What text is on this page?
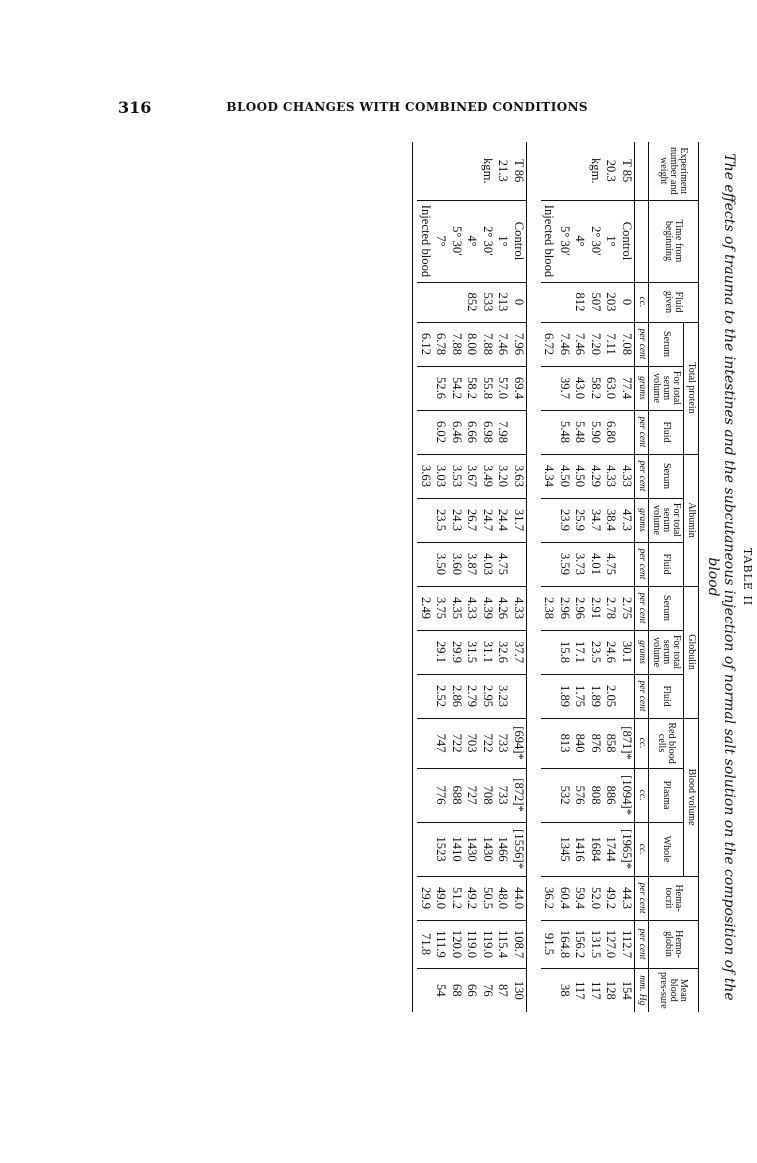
316	BLOOD CHANGES WITH COMBINED CONDITIONS
TABLE II
The effects of trauma to the intestines and the subcutaneous injection of normal salt solution on the composition of the blood
Experiment number and weight	Time from beginning	Fluid given	Total protein			Albumin			Globulin			Blood volume			Hema-tocrit	Hemo-globin	Mean blood pres-sure
			Serum	For total serum volume	Fluid	Serum	For total serum volume	Fluid	Serum	For total serum volume	Fluid	Red blood cells	Plasma	Whole			
		cc.	per cent	grams	per cent	per cent	grams	per cent	per cent	grams	per cent	cc.	cc.	cc.	per cent	per cent	mm. Hg

T 85
20.3
kgm.	Control	0	7.08	77.4		4.33	47.3		2.75	30.1		[871]*	[1094]*	[1965]*	44.3	112.7	154
	1°	203	7.11	63.0	6.80	4.33	38.4	4.75	2.78	24.6	2.05	858	886	1744	49.2	127.0	128
	2° 30′	507	7.20	58.2	5.90	4.29	34.7	4.01	2.91	23.5	1.89	876	808	1684	52.0	131.5	117
	4°	812	7.46	43.0	5.48	4.50	25.9	3.73	2.96	17.1	1.75	840	576	1416	59.4	156.2	117
	5° 30′		7.46	39.7	5.48	4.50	23.9	3.59	2.96	15.8	1.89	813	532	1345	60.4	164.8	38
	Injected blood		6.72			4.34			2.38						36.2	91.5	

T 86
21.3
kgm.	Control	0	7.96	69.4		3.63	31.7		4.33	37.7		[694]*	[872]*	[1556]*	44.0	108.7	130
	1°	213	7.46	57.0	7.98	3.20	24.4	4.75	4.26	32.6	3.23	733	733	1466	48.0	115.4	87
	2° 30′	533	7.88	55.8	6.98	3.49	24.7	4.03	4.39	31.1	2.95	722	708	1430	50.5	119.0	76
	4°	852	8.00	58.2	6.66	3.67	26.7	3.87	4.33	31.5	2.79	703	727	1430	49.2	119.0	66
	5° 30′		7.88	54.2	6.46	3.53	24.3	3.60	4.35	29.9	2.86	722	688	1410	51.2	120.0	68
	7°		6.78	52.6	6.02	3.03	23.5	3.50	3.75	29.1	2.52	747	776	1523	49.0	111.9	54
	Injected blood		6.12			3.63			2.49						29.9	71.8	
